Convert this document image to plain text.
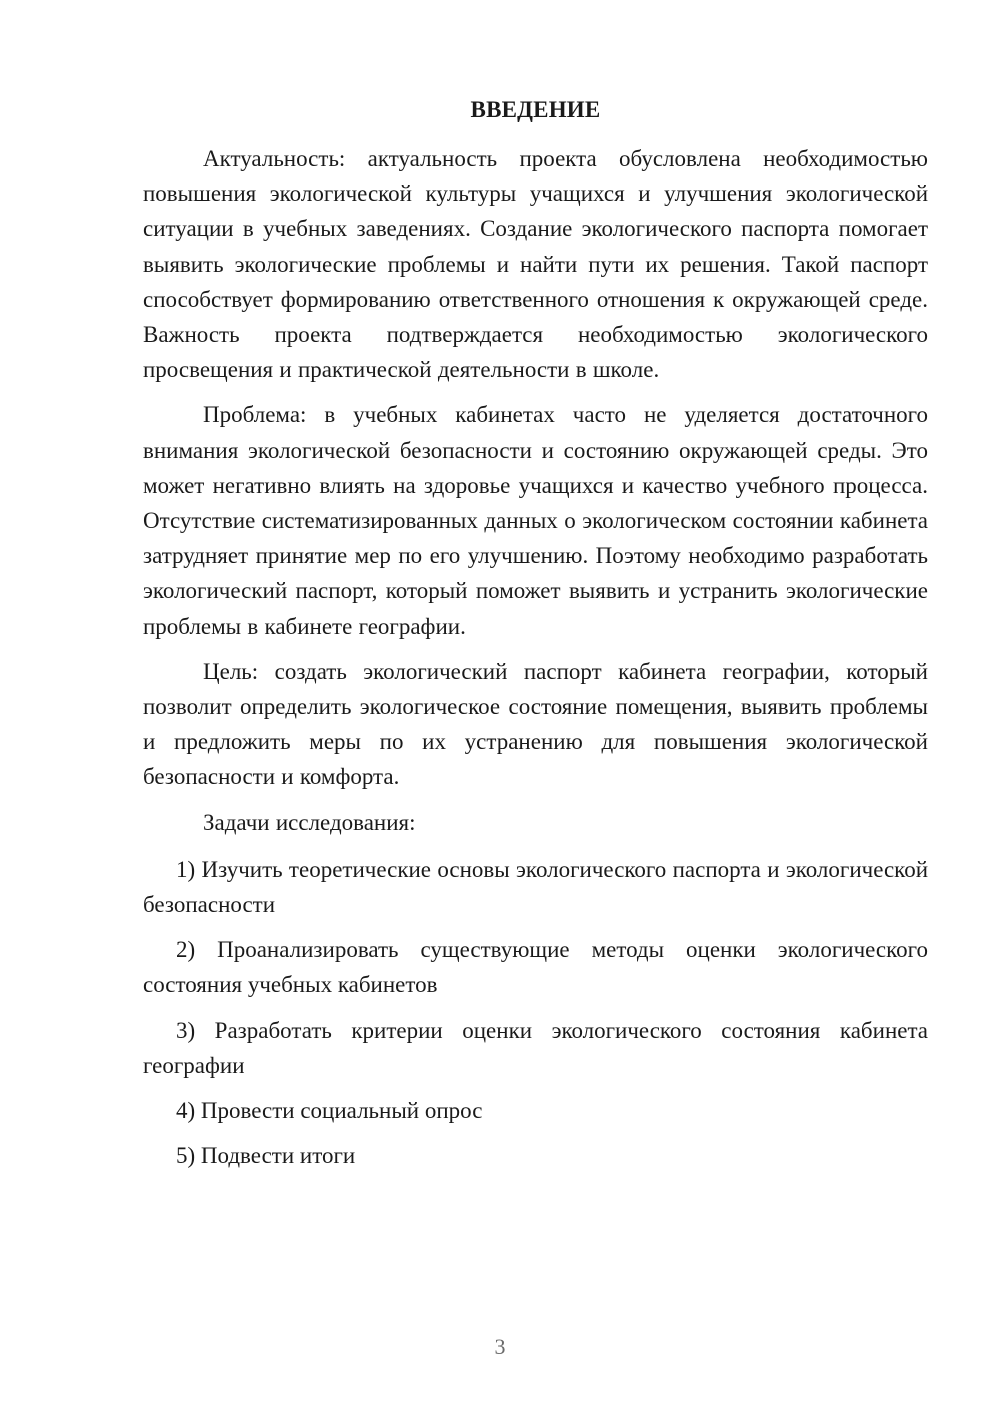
ВВЕДЕНИЕ

Актуальность: актуальность проекта обусловлена необходимостью повышения экологической культуры учащихся и улучшения экологической ситуации в учебных заведениях. Создание экологического паспорта помогает выявить экологические проблемы и найти пути их решения. Такой паспорт способствует формированию ответственного отношения к окружающей среде. Важность проекта подтверждается необходимостью экологического просвещения и практической деятельности в школе.

Проблема: в учебных кабинетах часто не уделяется достаточного внимания экологической безопасности и состоянию окружающей среды. Это может негативно влиять на здоровье учащихся и качество учебного процесса. Отсутствие систематизированных данных о экологическом состоянии кабинета затрудняет принятие мер по его улучшению. Поэтому необходимо разработать экологический паспорт, который поможет выявить и устранить экологические проблемы в кабинете географии.

Цель: создать экологический паспорт кабинета географии, который позволит определить экологическое состояние помещения, выявить проблемы и предложить меры по их устранению для повышения экологической безопасности и комфорта.

Задачи исследования:

1) Изучить теоретические основы экологического паспорта и экологической безопасности

2) Проанализировать существующие методы оценки экологического состояния учебных кабинетов

3) Разработать критерии оценки экологического состояния кабинета географии

4) Провести социальный опрос

5) Подвести итоги

3
